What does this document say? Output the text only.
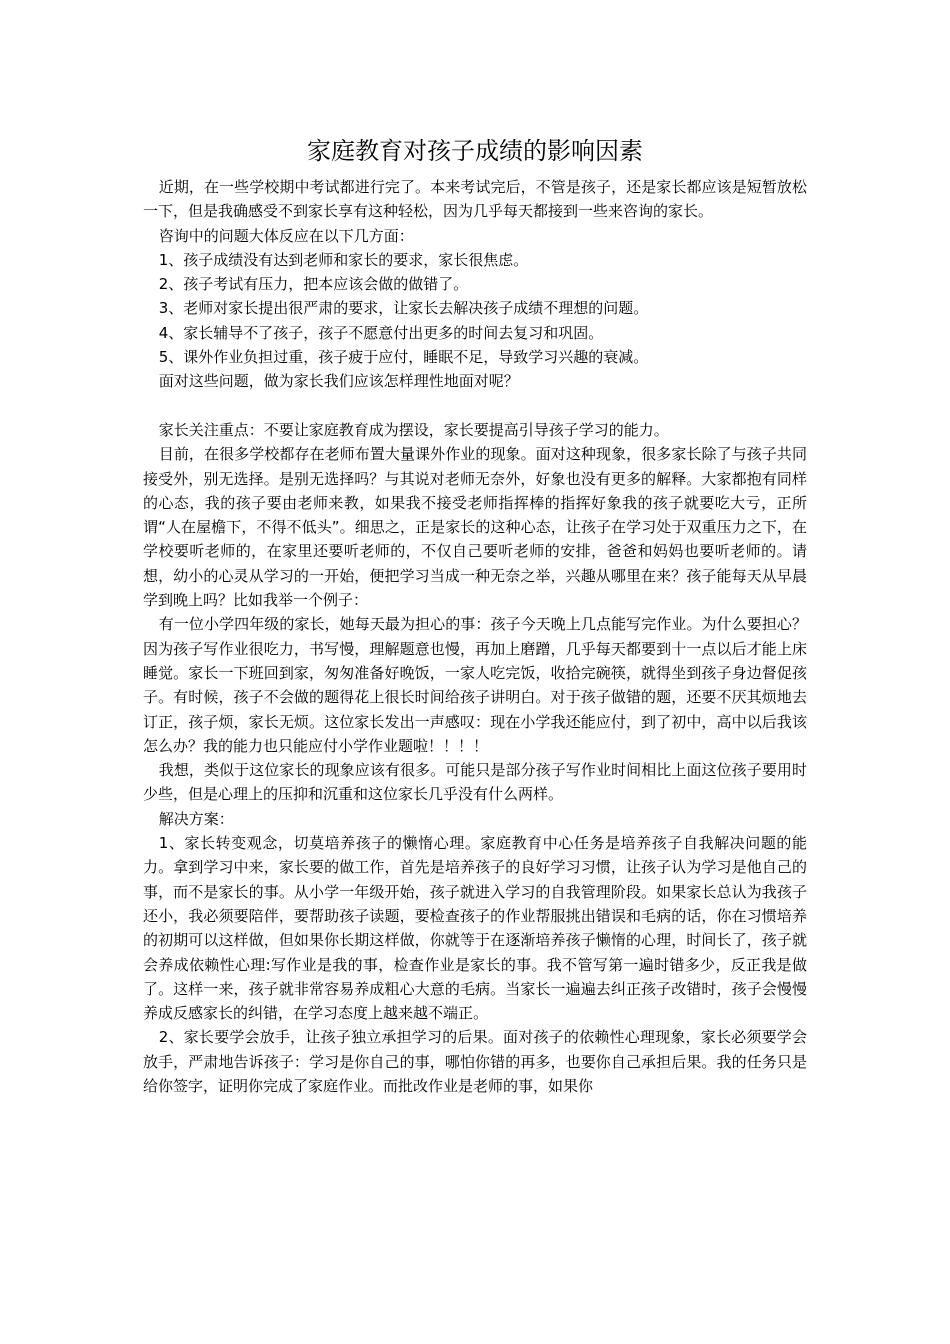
家庭教育对孩子成绩的影响因素

近期，在一些学校期中考试都进行完了。本来考试完后，不管是孩子，还是家长都应该是短暂放松一下，但是我确感受不到家长享有这种轻松，因为几乎每天都接到一些来咨询的家长。

咨询中的问题大体反应在以下几方面：

1、孩子成绩没有达到老师和家长的要求，家长很焦虑。

2、孩子考试有压力，把本应该会做的做错了。

3、老师对家长提出很严肃的要求，让家长去解决孩子成绩不理想的问题。

4、家长辅导不了孩子，孩子不愿意付出更多的时间去复习和巩固。

5、课外作业负担过重，孩子疲于应付，睡眠不足，导致学习兴趣的衰减。

面对这些问题，做为家长我们应该怎样理性地面对呢？

家长关注重点：不要让家庭教育成为摆设，家长要提高引导孩子学习的能力。

目前，在很多学校都存在老师布置大量课外作业的现象。面对这种现象，很多家长除了与孩子共同接受外，别无选择。是别无选择吗？与其说对老师无奈外，好象也没有更多的解释。大家都抱有同样的心态，我的孩子要由老师来教，如果我不接受老师指挥棒的指挥好象我的孩子就要吃大亏，正所谓“人在屋檐下，不得不低头”。细思之，正是家长的这种心态，让孩子在学习处于双重压力之下，在学校要听老师的，在家里还要听老师的，不仅自己要听老师的安排，爸爸和妈妈也要听老师的。请想，幼小的心灵从学习的一开始，便把学习当成一种无奈之举，兴趣从哪里在来？孩子能每天从早晨学到晚上吗？比如我举一个例子：

有一位小学四年级的家长，她每天最为担心的事：孩子今天晚上几点能写完作业。为什么要担心？因为孩子写作业很吃力，书写慢，理解题意也慢，再加上磨蹭，几乎每天都要到十一点以后才能上床睡觉。家长一下班回到家，匆匆准备好晚饭，一家人吃完饭，收拾完碗筷，就得坐到孩子身边督促孩子。有时候，孩子不会做的题得花上很长时间给孩子讲明白。对于孩子做错的题，还要不厌其烦地去订正，孩子烦，家长无烦。这位家长发出一声感叹：现在小学我还能应付，到了初中，高中以后我该怎么办？我的能力也只能应付小学作业题啦！！！！

我想，类似于这位家长的现象应该有很多。可能只是部分孩子写作业时间相比上面这位孩子要用时少些，但是心理上的压抑和沉重和这位家长几乎没有什么两样。

解决方案：

1、家长转变观念，切莫培养孩子的懒惰心理。家庭教育中心任务是培养孩子自我解决问题的能力。拿到学习中来，家长要的做工作，首先是培养孩子的良好学习习惯，让孩子认为学习是他自己的事，而不是家长的事。从小学一年级开始，孩子就进入学习的自我管理阶段。如果家长总认为我孩子还小，我必须要陪伴，要帮助孩子读题，要检查孩子的作业帮服挑出错误和毛病的话，你在习惯培养的初期可以这样做，但如果你长期这样做，你就等于在逐渐培养孩子懒惰的心理，时间长了，孩子就会养成依赖性心理:写作业是我的事，检查作业是家长的事。我不管写第一遍时错多少，反正我是做了。这样一来，孩子就非常容易养成粗心大意的毛病。当家长一遍遍去纠正孩子改错时，孩子会慢慢养成反感家长的纠错，在学习态度上越来越不端正。

2、家长要学会放手，让孩子独立承担学习的后果。面对孩子的依赖性心理现象，家长必须要学会放手，严肃地告诉孩子：学习是你自己的事，哪怕你错的再多，也要你自己承担后果。我的任务只是给你签字，证明你完成了家庭作业。而批改作业是老师的事，如果你
